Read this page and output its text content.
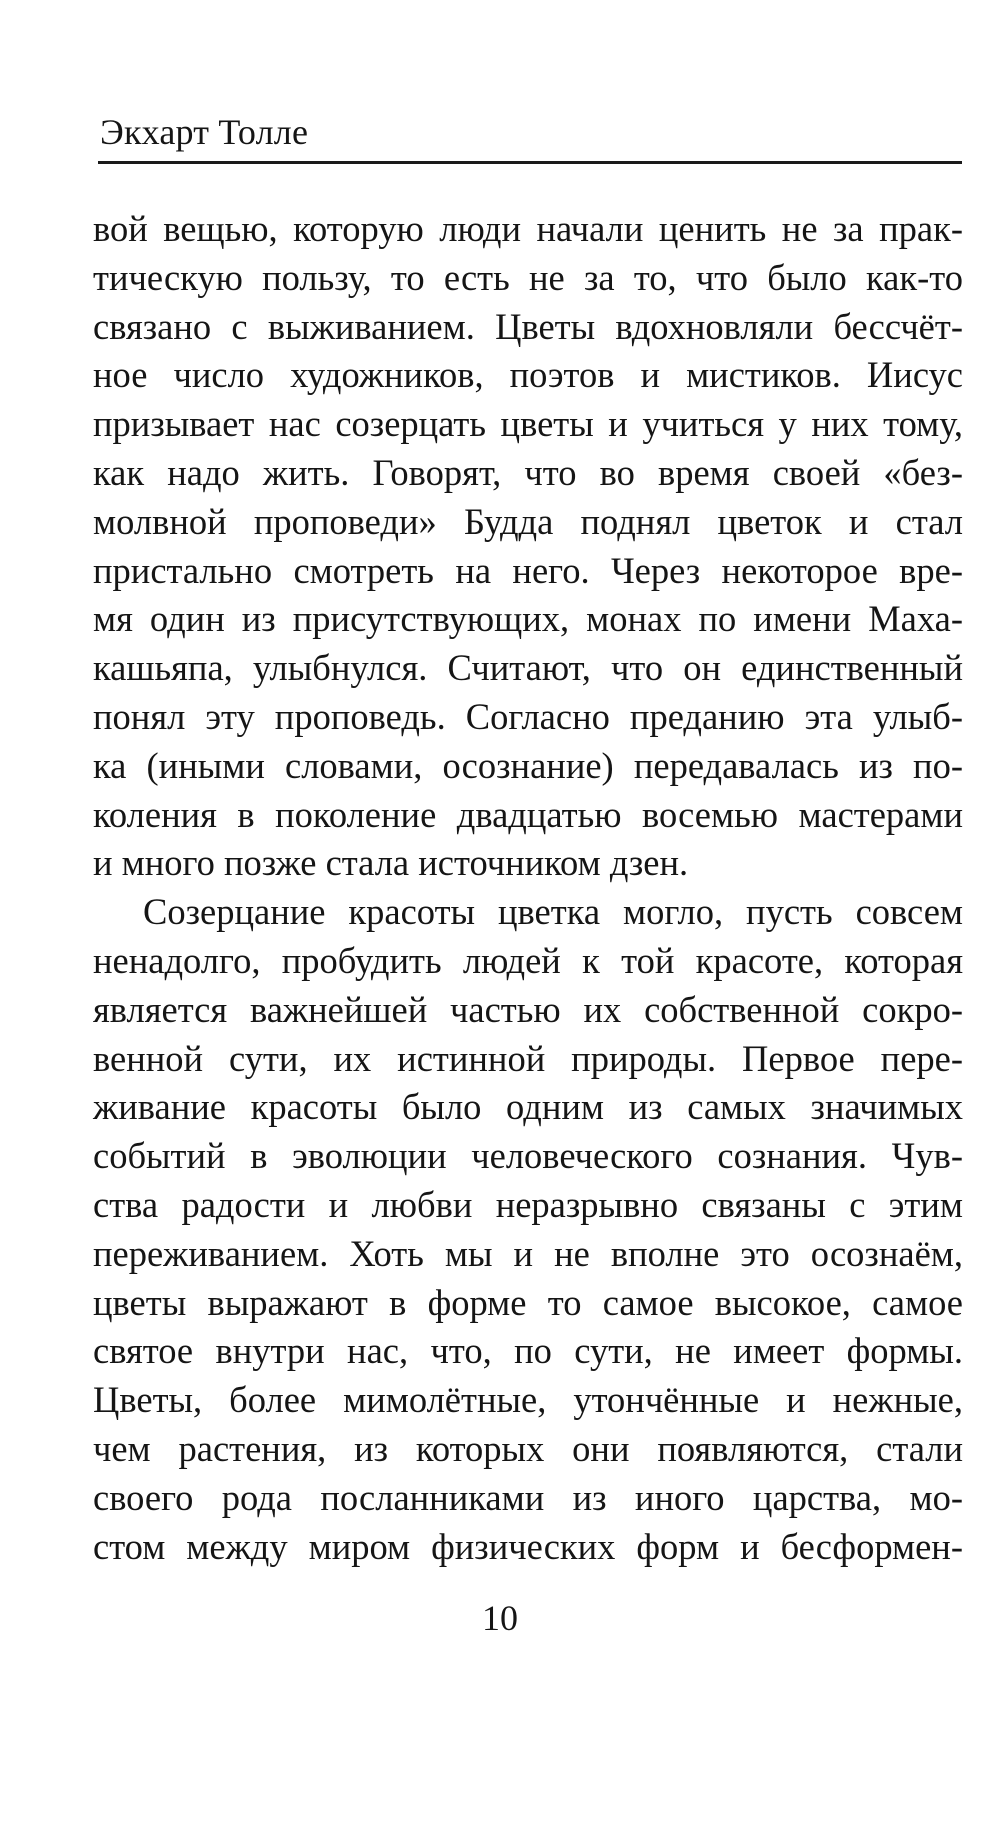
Экхарт Толле
вой вещью, которую люди начали ценить не за прак-
тическую пользу, то есть не за то, что было как-то
связано с выживанием. Цветы вдохновляли бессчёт-
ное число художников, поэтов и мистиков. Иисус
призывает нас созерцать цветы и учиться у них тому,
как надо жить. Говорят, что во время своей «без-
молвной проповеди» Будда поднял цветок и стал
пристально смотреть на него. Через некоторое вре-
мя один из присутствующих, монах по имени Маха-
кашьяпа, улыбнулся. Считают, что он единственный
понял эту проповедь. Согласно преданию эта улыб-
ка (иными словами, осознание) передавалась из по-
коления в поколение двадцатью восемью мастерами
и много позже стала источником дзен.
Созерцание красоты цветка могло, пусть совсем
ненадолго, пробудить людей к той красоте, которая
является важнейшей частью их собственной сокро-
венной сути, их истинной природы. Первое пере-
живание красоты было одним из самых значимых
событий в эволюции человеческого сознания. Чув-
ства радости и любви неразрывно связаны с этим
переживанием. Хоть мы и не вполне это осознаём,
цветы выражают в форме то самое высокое, самое
святое внутри нас, что, по сути, не имеет формы.
Цветы, более мимолётные, утончённые и нежные,
чем растения, из которых они появляются, стали
своего рода посланниками из иного царства, мо-
стом между миром физических форм и бесформен-
10
